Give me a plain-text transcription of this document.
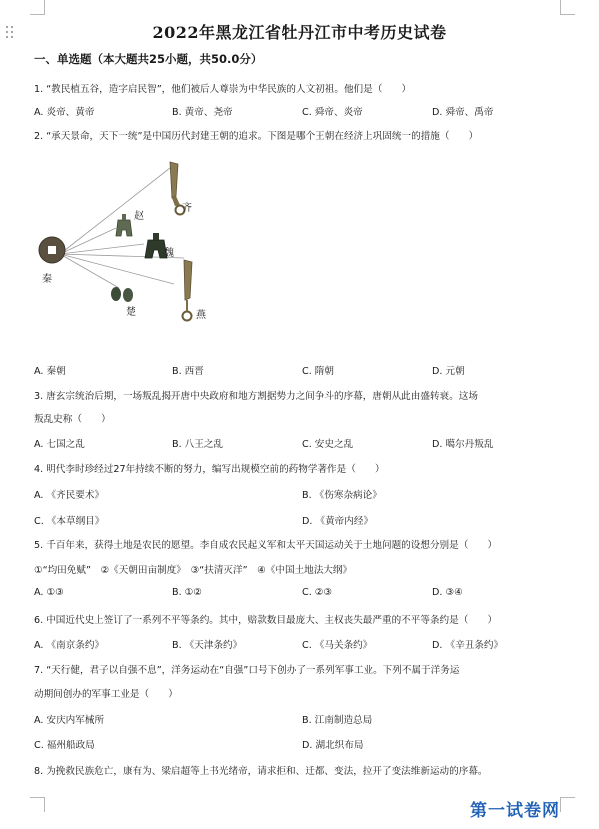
2022年黑龙江省牡丹江市中考历史试卷
一、单选题（本大题共25小题，共50.0分）
1. “教民植五谷，造字启民智”，他们被后人尊崇为中华民族的人文初祖。他们是（　　）
A. 炎帝、黄帝	B. 黄帝、尧帝	C. 舜帝、炎帝	D. 舜帝、禹帝
2. “承天景命，天下一统”是中国历代封建王朝的追求。下图是哪个王朝在经济上巩固统一的措施（　　）
齐
赵
魏
秦
楚	燕
A. 秦朝	B. 西晋	C. 隋朝	D. 元朝
3. 唐玄宗统治后期，一场叛乱揭开唐中央政府和地方割据势力之间争斗的序幕，唐朝从此由盛转衰。这场
叛乱史称（　　）
A. 七国之乱	B. 八王之乱	C. 安史之乱	D. 噶尔丹叛乱
4. 明代李时珍经过27年持续不断的努力，编写出规模空前的药物学著作是（　　）
A. 《齐民要术》	B. 《伤寒杂病论》
C. 《本草纲目》	D. 《黄帝内经》
5. 千百年来，获得土地是农民的愿望。李自成农民起义军和太平天国运动关于土地问题的设想分别是（　　）
①“均田免赋”　②《天朝田亩制度》　③“扶清灭洋”　④《中国土地法大纲》
A. ①③	B. ①②	C. ②③	D. ③④
6. 中国近代史上签订了一系列不平等条约。其中，赔款数目最庞大、主权丧失最严重的不平等条约是（　　）
A. 《南京条约》	B. 《天津条约》	C. 《马关条约》	D. 《辛丑条约》
7. “天行健，君子以自强不息”，洋务运动在“自强”口号下创办了一系列军事工业。下列不属于洋务运
动期间创办的军事工业是（　　）
A. 安庆内军械所	B. 江南制造总局
C. 福州船政局	D. 湖北织布局
8. 为挽救民族危亡，康有为、梁启超等上书光绪帝，请求拒和、迁都、变法，拉开了变法维新运动的序幕。
第一试卷网
